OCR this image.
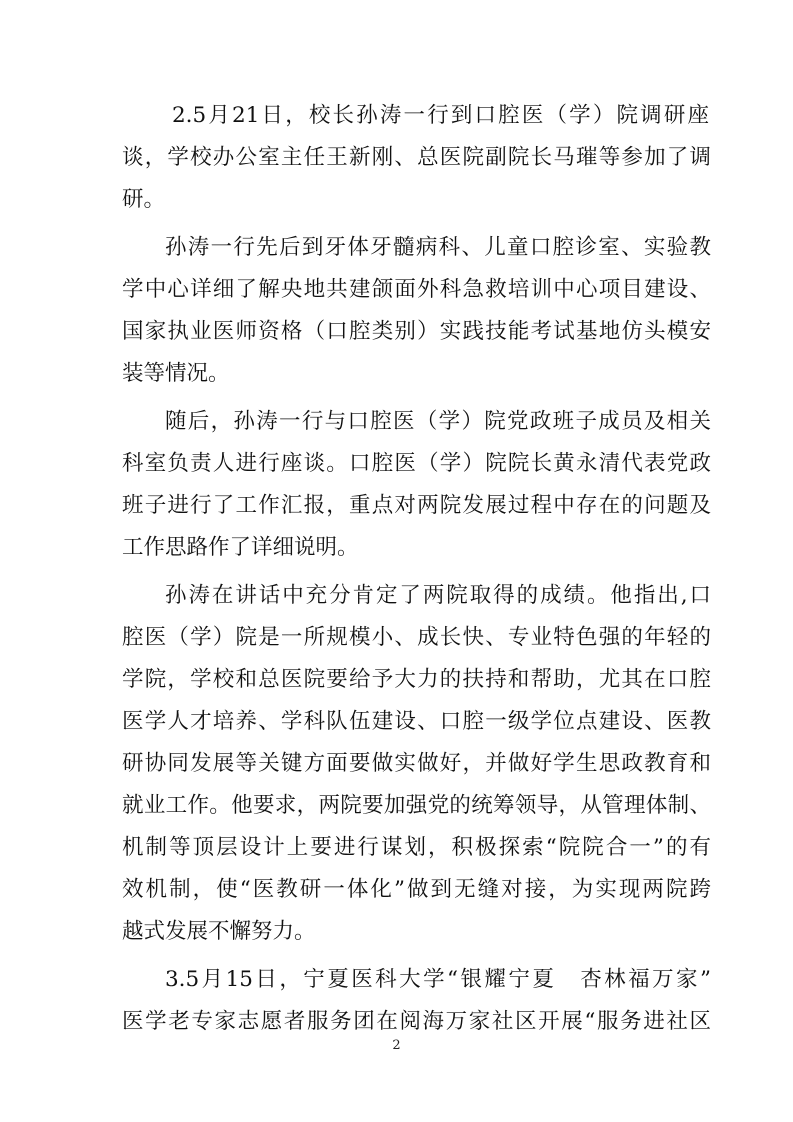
2.5月21日，校长孙涛一行到口腔医（学）院调研座
谈，学校办公室主任王新刚、总医院副院长马璀等参加了调
研。
孙涛一行先后到牙体牙髓病科、儿童口腔诊室、实验教
学中心详细了解央地共建颌面外科急救培训中心项目建设、
国家执业医师资格（口腔类别）实践技能考试基地仿头模安
装等情况。
随后，孙涛一行与口腔医（学）院党政班子成员及相关
科室负责人进行座谈。口腔医（学）院院长黄永清代表党政
班子进行了工作汇报，重点对两院发展过程中存在的问题及
工作思路作了详细说明。
孙涛在讲话中充分肯定了两院取得的成绩。他指出,口
腔医（学）院是一所规模小、成长快、专业特色强的年轻的
学院，学校和总医院要给予大力的扶持和帮助，尤其在口腔
医学人才培养、学科队伍建设、口腔一级学位点建设、医教
研协同发展等关键方面要做实做好，并做好学生思政教育和
就业工作。他要求，两院要加强党的统筹领导，从管理体制、
机制等顶层设计上要进行谋划，积极探索“院院合一”的有
效机制，使“医教研一体化”做到无缝对接，为实现两院跨
越式发展不懈努力。
3.5月15日，宁夏医科大学“银耀宁夏　杏林福万家”
医学老专家志愿者服务团在阅海万家社区开展“服务进社区
2
